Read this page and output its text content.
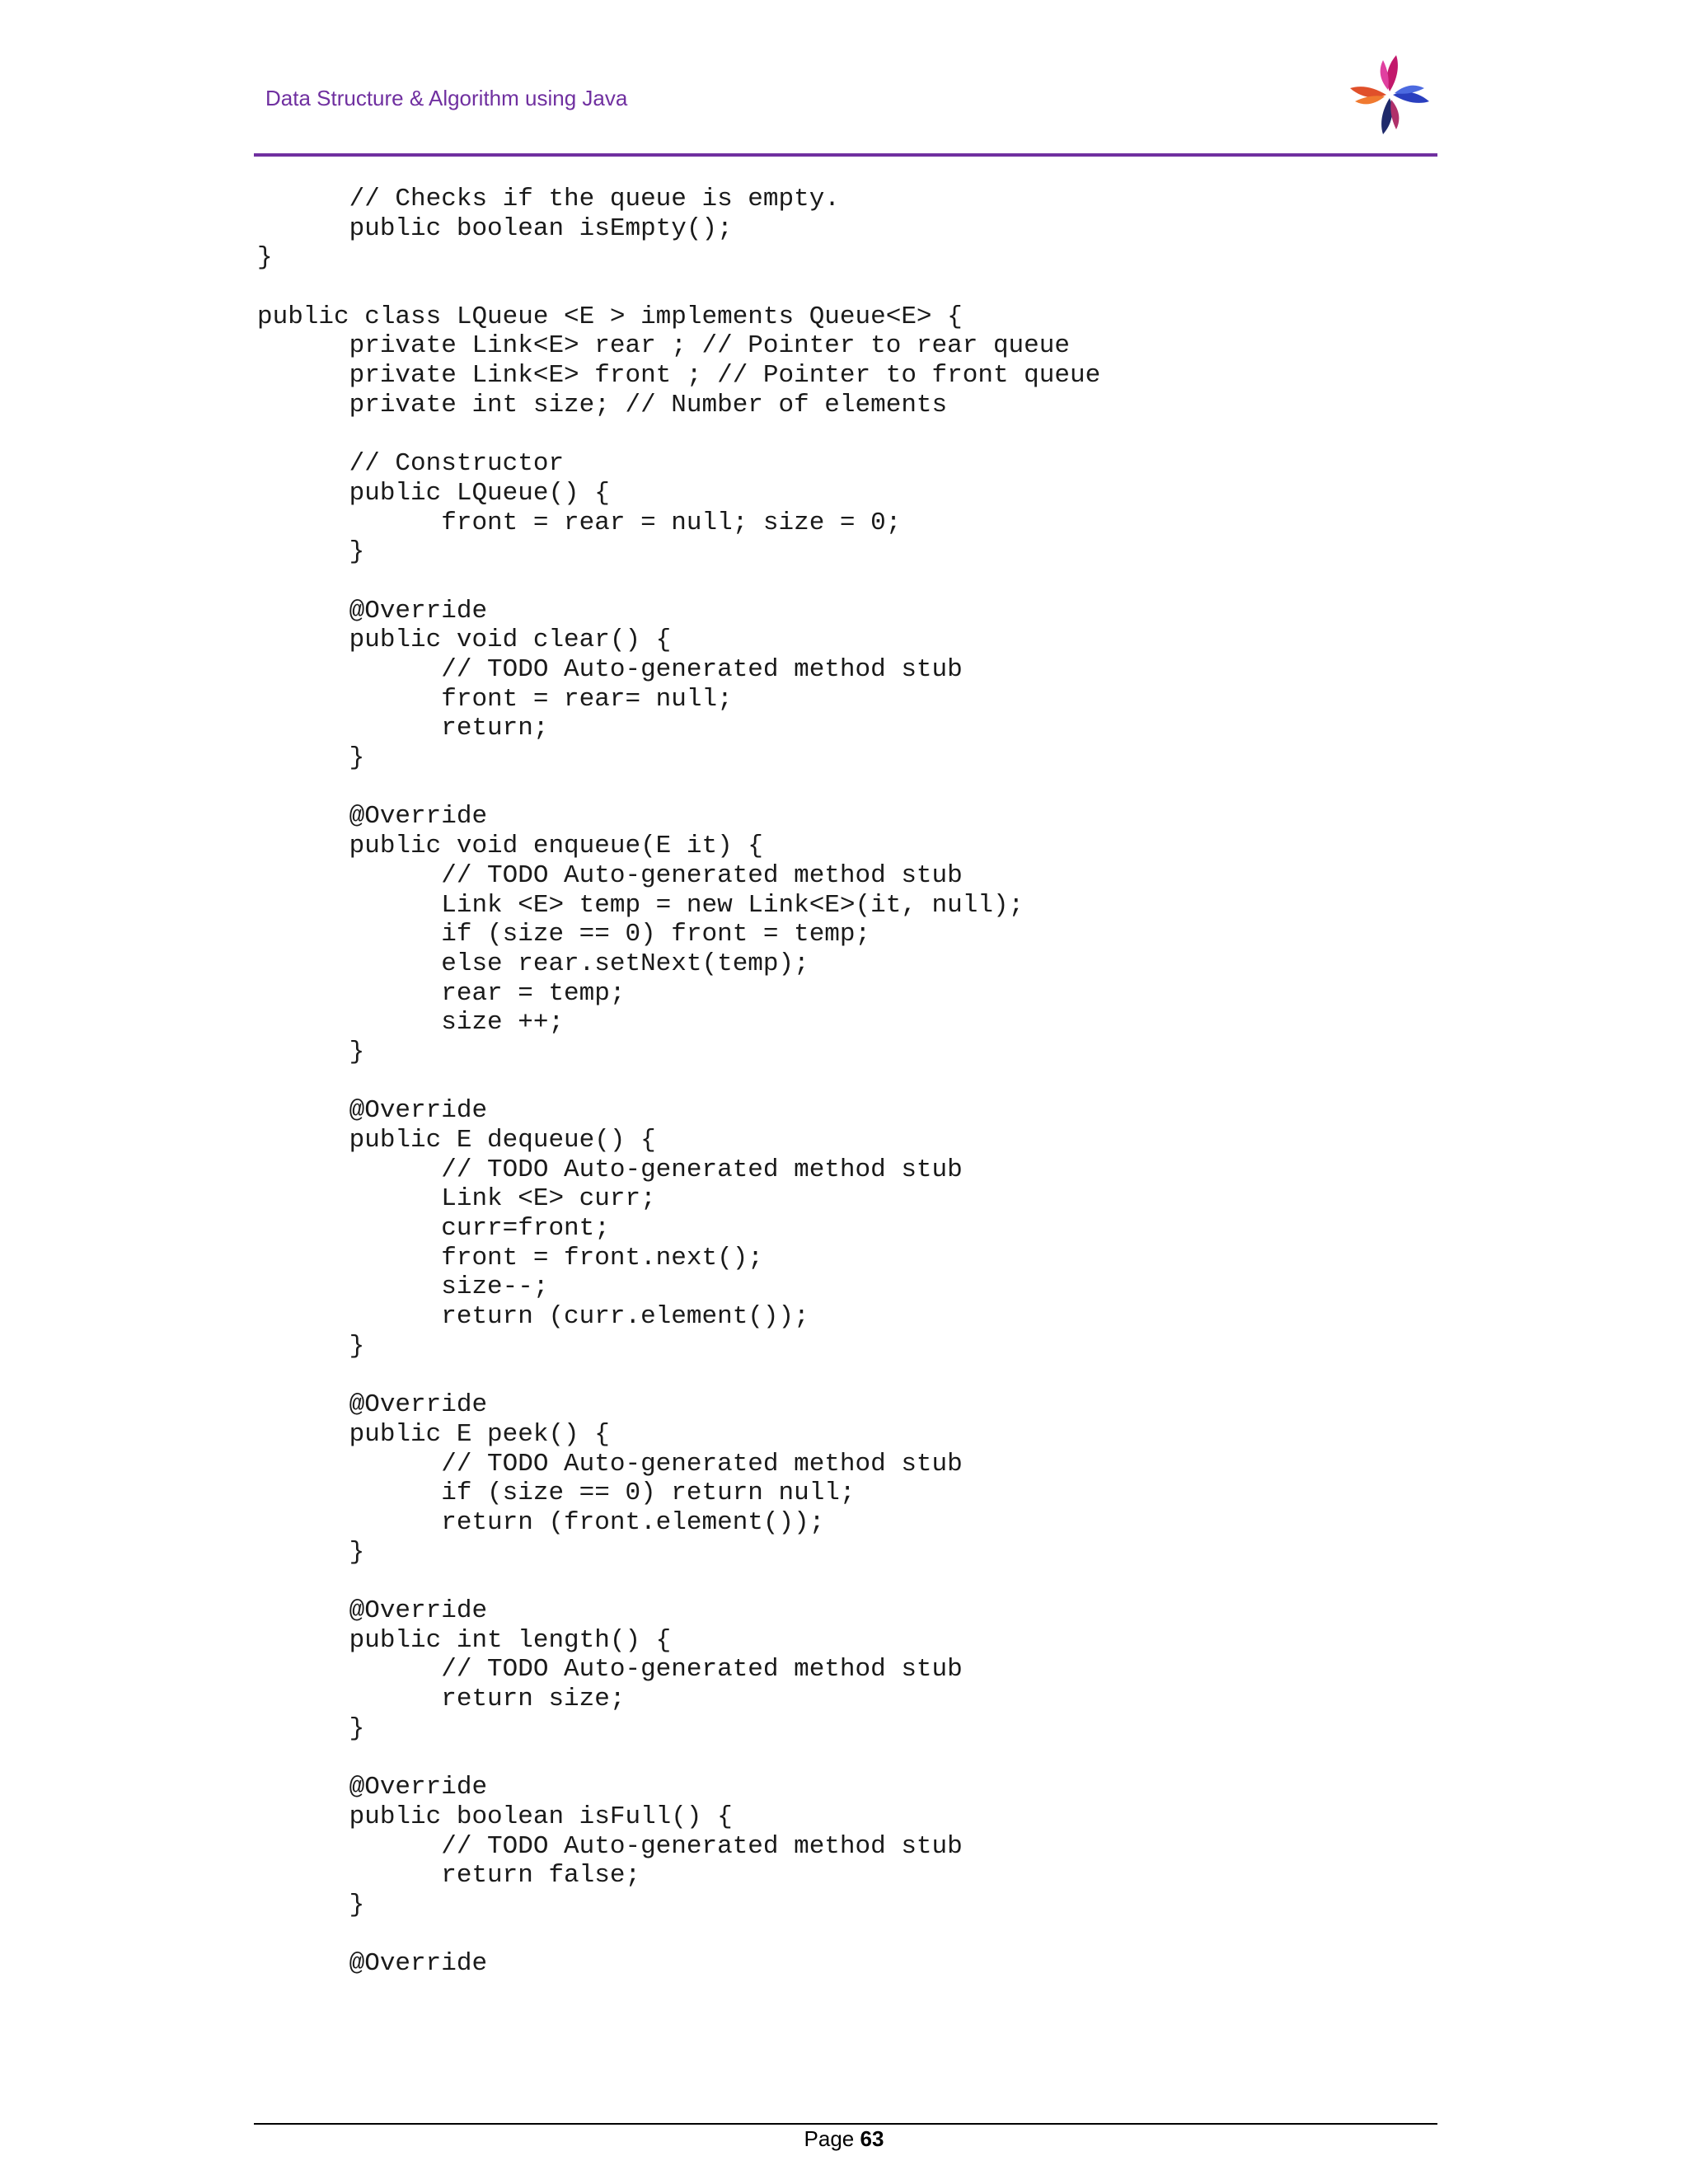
Data Structure & Algorithm using Java
// Checks if the queue is empty.
public boolean isEmpty();
}
public class LQueue <E > implements Queue<E> {
private Link<E> rear ; // Pointer to rear queue
private Link<E> front ; // Pointer to front queue
private int size; // Number of elements
// Constructor
public LQueue() {
front = rear = null; size = 0;
}
@Override
public void clear() {
// TODO Auto-generated method stub
front = rear= null;
return;
}
@Override
public void enqueue(E it) {
// TODO Auto-generated method stub
Link <E> temp = new Link<E>(it, null);
if (size == 0) front = temp;
else rear.setNext(temp);
rear = temp;
size ++;
}
@Override
public E dequeue() {
// TODO Auto-generated method stub
Link <E> curr;
curr=front;
front = front.next();
size--;
return (curr.element());
}
@Override
public E peek() {
// TODO Auto-generated method stub
if (size == 0) return null;
return (front.element());
}
@Override
public int length() {
// TODO Auto-generated method stub
return size;
}
@Override
public boolean isFull() {
// TODO Auto-generated method stub
return false;
}
@Override
Page 63
